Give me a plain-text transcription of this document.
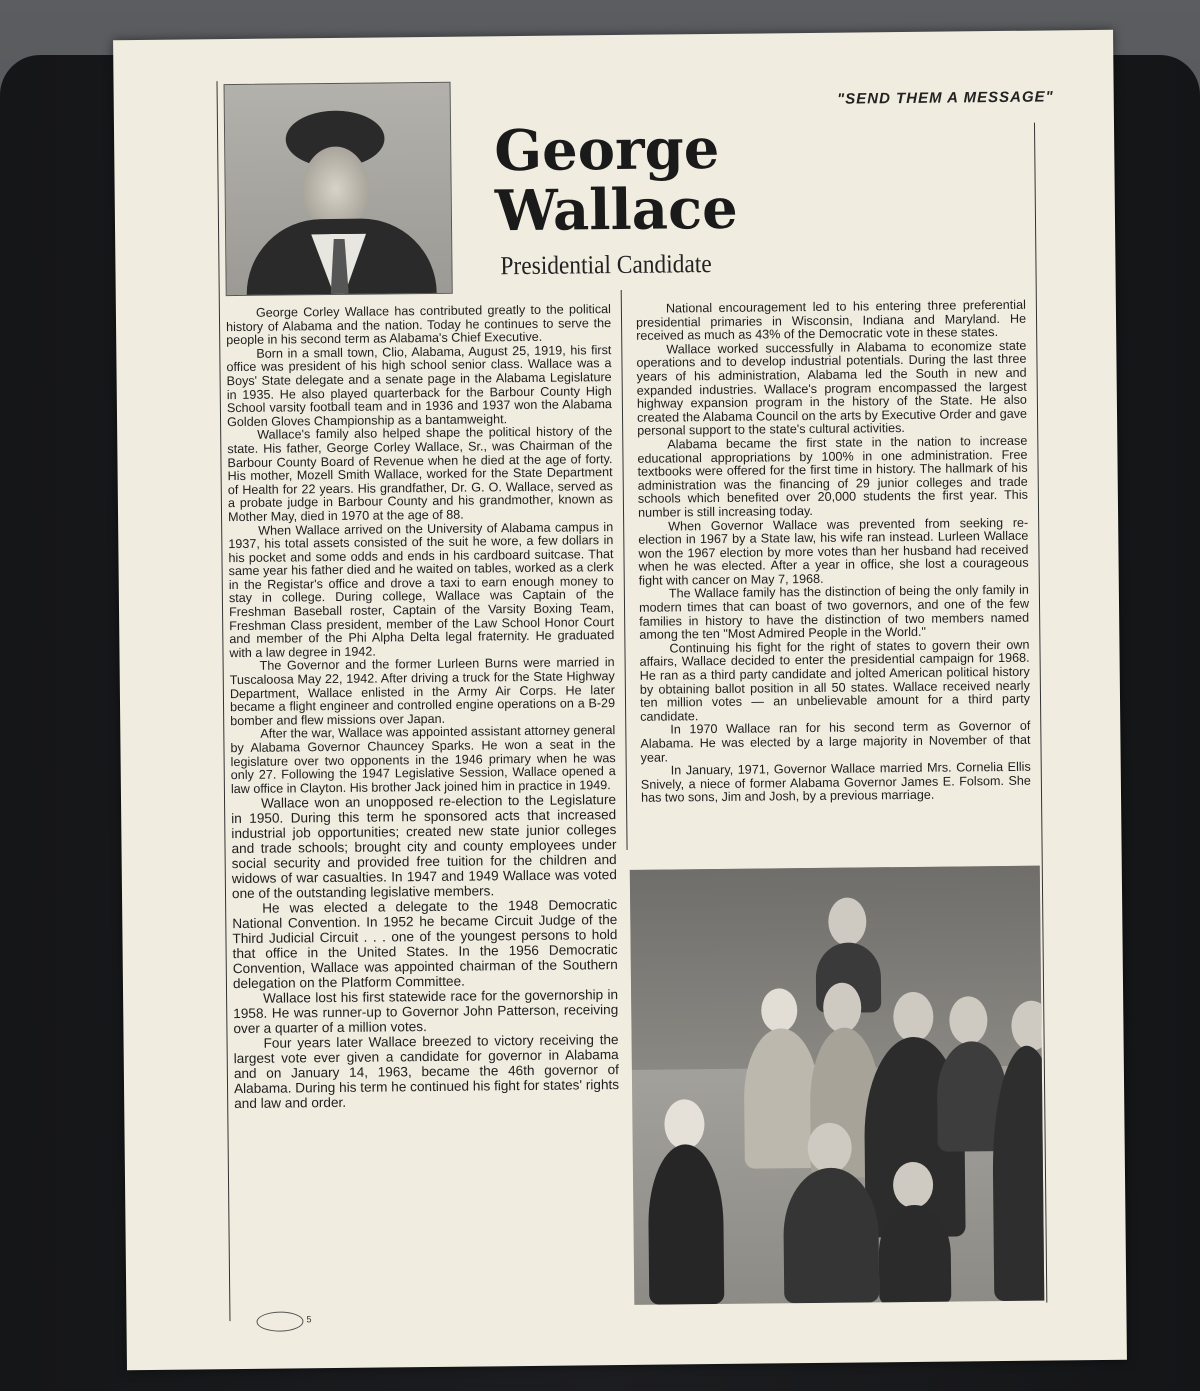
"SEND THEM A MESSAGE"
George
Wallace
Presidential Candidate

George Corley Wallace has contributed greatly to the political history of Alabama and the nation. Today he continues to serve the people in his second term as Alabama's Chief Executive.

Born in a small town, Clio, Alabama, August 25, 1919, his first office was president of his high school senior class. Wallace was a Boys' State delegate and a senate page in the Alabama Legislature in 1935. He also played quarterback for the Barbour County High School varsity football team and in 1936 and 1937 won the Alabama Golden Gloves Championship as a bantamweight.

Wallace's family also helped shape the political history of the state. His father, George Corley Wallace, Sr., was Chairman of the Barbour County Board of Revenue when he died at the age of forty. His mother, Mozell Smith Wallace, worked for the State Department of Health for 22 years. His grandfather, Dr. G. O. Wallace, served as a probate judge in Barbour County and his grandmother, known as Mother May, died in 1970 at the age of 88.

When Wallace arrived on the University of Alabama campus in 1937, his total assets consisted of the suit he wore, a few dollars in his pocket and some odds and ends in his cardboard suitcase. That same year his father died and he waited on tables, worked as a clerk in the Registar's office and drove a taxi to earn enough money to stay in college. During college, Wallace was Captain of the Freshman Baseball roster, Captain of the Varsity Boxing Team, Freshman Class president, member of the Law School Honor Court and member of the Phi Alpha Delta legal fraternity. He graduated with a law degree in 1942.

The Governor and the former Lurleen Burns were married in Tuscaloosa May 22, 1942. After driving a truck for the State Highway Department, Wallace enlisted in the Army Air Corps. He later became a flight engineer and controlled engine operations on a B-29 bomber and flew missions over Japan.

After the war, Wallace was appointed assistant attorney general by Alabama Governor Chauncey Sparks. He won a seat in the legislature over two opponents in the 1946 primary when he was only 27. Following the 1947 Legislative Session, Wallace opened a law office in Clayton. His brother Jack joined him in practice in 1949.

Wallace won an unopposed re-election to the Legislature in 1950. During this term he sponsored acts that increased industrial job opportunities; created new state junior colleges and trade schools; brought city and county employees under social security and provided free tuition for the children and widows of war casualties. In 1947 and 1949 Wallace was voted one of the outstanding legislative members.

He was elected a delegate to the 1948 Democratic National Convention. In 1952 he became Circuit Judge of the Third Judicial Circuit . . . one of the youngest persons to hold that office in the United States. In the 1956 Democratic Convention, Wallace was appointed chairman of the Southern delegation on the Platform Committee.

Wallace lost his first statewide race for the governorship in 1958. He was runner-up to Governor John Patterson, receiving over a quarter of a million votes.

Four years later Wallace breezed to victory receiving the largest vote ever given a candidate for governor in Alabama and on January 14, 1963, became the 46th governor of Alabama. During his term he continued his fight for states' rights and law and order.

National encouragement led to his entering three preferential presidential primaries in Wisconsin, Indiana and Maryland. He received as much as 43% of the Democratic vote in these states.

Wallace worked successfully in Alabama to economize state operations and to develop industrial potentials. During the last three years of his administration, Alabama led the South in new and expanded industries. Wallace's program encompassed the largest highway expansion program in the history of the State. He also created the Alabama Council on the arts by Executive Order and gave personal support to the state's cultural activities.

Alabama became the first state in the nation to increase educational appropriations by 100% in one administration. Free textbooks were offered for the first time in history. The hallmark of his administration was the financing of 29 junior colleges and trade schools which benefited over 20,000 students the first year. This number is still increasing today.

When Governor Wallace was prevented from seeking re-election in 1967 by a State law, his wife ran instead. Lurleen Wallace won the 1967 election by more votes than her husband had received when he was elected. After a year in office, she lost a courageous fight with cancer on May 7, 1968.

The Wallace family has the distinction of being the only family in modern times that can boast of two governors, and one of the few families in history to have the distinction of two members named among the ten "Most Admired People in the World."

Continuing his fight for the right of states to govern their own affairs, Wallace decided to enter the presidential campaign for 1968. He ran as a third party candidate and jolted American political history by obtaining ballot position in all 50 states. Wallace received nearly ten million votes — an unbelievable amount for a third party candidate.

In 1970 Wallace ran for his second term as Governor of Alabama. He was elected by a large majority in November of that year.

In January, 1971, Governor Wallace married Mrs. Cornelia Ellis Snively, a niece of former Alabama Governor James E. Folsom. She has two sons, Jim and Josh, by a previous marriage.

5
